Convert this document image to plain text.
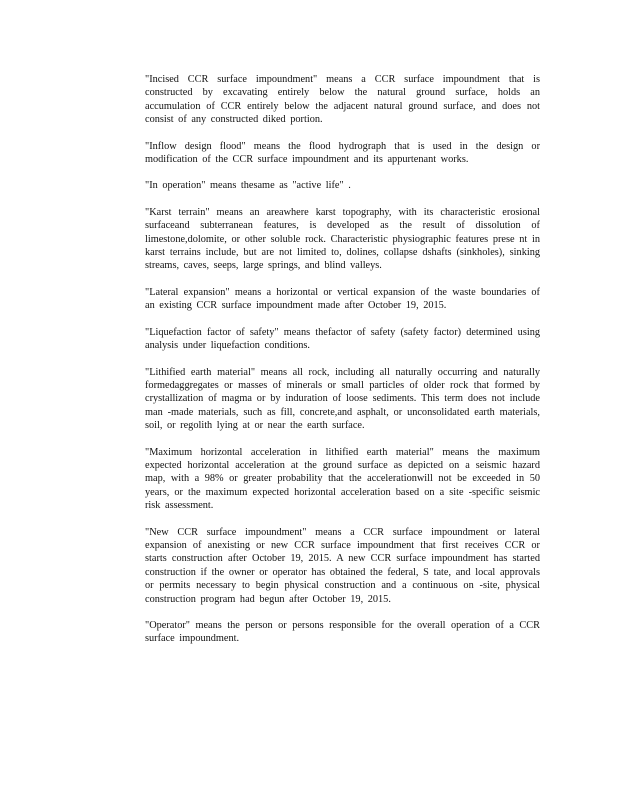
"Incised CCR surface impoundment" means a CCR surface impoundment that is constructed by excavating entirely below the natural ground surface, holds an accumulation of CCR entirely below the adjacent natural ground surface, and does not consist of any constructed diked portion.

"Inflow design flood" means the flood hydrograph that is used in the design or modification of the CCR surface impoundment and its appurtenant works.

"In operation" means thesame as "active life" .

"Karst terrain" means an areawhere karst topography, with its characteristic erosional surfaceand subterranean features, is developed as the result of dissolution of limestone,dolomite, or other soluble rock. Characteristic physiographic features prese nt in karst terrains include, but are not limited to, dolines, collapse dshafts (sinkholes), sinking streams, caves, seeps, large springs, and blind valleys.

"Lateral expansion" means a horizontal or vertical expansion of the waste boundaries of an existing CCR surface impoundment made after October 19, 2015.

"Liquefaction factor of safety" means thefactor of safety (safety factor) determined using analysis under liquefaction conditions.

"Lithified earth material" means all rock, including all naturally occurring and naturally formedaggregates or masses of minerals or small particles of older rock that formed by crystallization of magma or by induration of loose sediments. This term does not include man -made materials, such as fill, concrete,and asphalt, or unconsolidated earth materials, soil, or regolith lying at or near the earth surface.

"Maximum horizontal acceleration in lithified earth material" means the maximum expected horizontal acceleration at the ground surface as depicted on a seismic hazard map, with a 98% or greater probability that the accelerationwill not be exceeded in 50 years, or the maximum expected horizontal acceleration based on a site -specific seismic risk assessment.

"New CCR surface impoundment" means a CCR surface impoundment or lateral expansion of anexisting or new CCR surface impoundment that first receives CCR or starts construction after October 19, 2015. A new CCR surface impoundment has started construction if the owner or operator has obtained the federal, S tate, and local approvals or permits necessary to begin physical construction and a continuous on -site, physical construction program had begun after October 19, 2015.

"Operator" means the person or persons responsible for the overall operation of a CCR surface impoundment.
